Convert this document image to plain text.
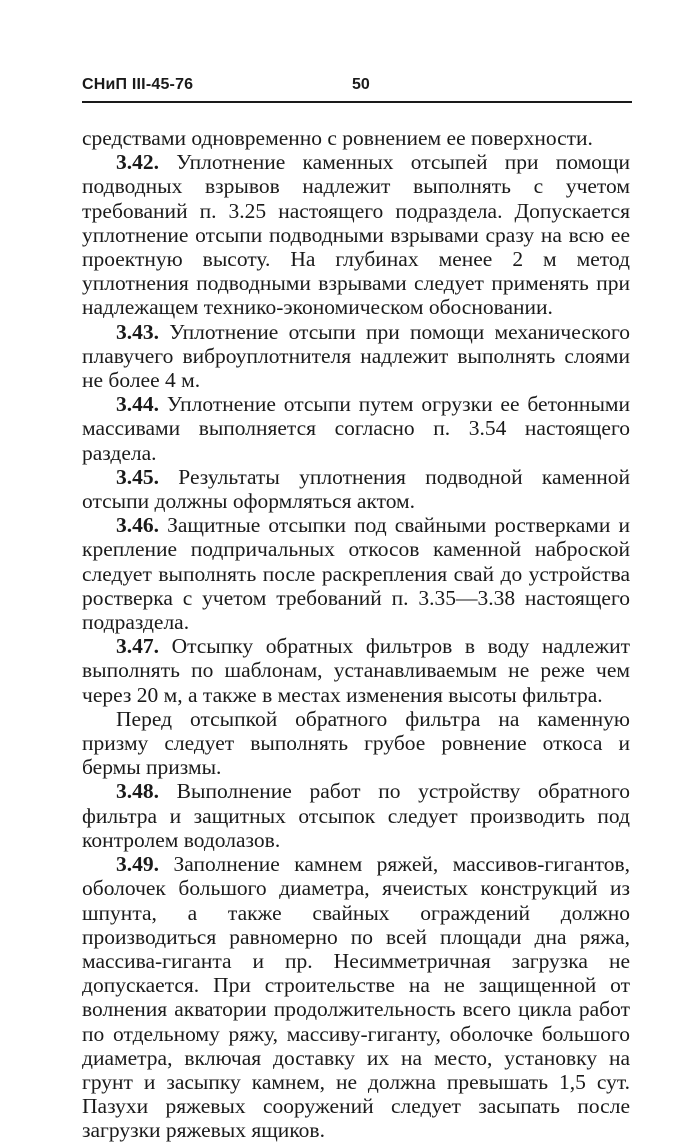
СНиП III-45-76	50

средствами одновременно с ровнением ее поверхности.

3.42. Уплотнение каменных отсыпей при помощи подводных взрывов надлежит выполнять с учетом требований п. 3.25 настоящего подраздела. Допускается уплотнение отсыпи подводными взрывами сразу на всю ее проектную высоту. На глубинах менее 2 м метод уплотнения подводными взрывами следует применять при надлежащем технико-экономическом обосновании.

3.43. Уплотнение отсыпи при помощи механического плавучего виброуплотнителя надлежит выполнять слоями не более 4 м.

3.44. Уплотнение отсыпи путем огрузки ее бетонными массивами выполняется согласно п. 3.54 настоящего раздела.

3.45. Результаты уплотнения подводной каменной отсыпи должны оформляться актом.

3.46. Защитные отсыпки под свайными ростверками и крепление подпричальных откосов каменной наброской следует выполнять после раскрепления свай до устройства ростверка с учетом требований п. 3.35—3.38 настоящего подраздела.

3.47. Отсыпку обратных фильтров в воду надлежит выполнять по шаблонам, устанавливаемым не реже чем через 20 м, а также в местах изменения высоты фильтра.

Перед отсыпкой обратного фильтра на каменную призму следует выполнять грубое ровнение откоса и бермы призмы.

3.48. Выполнение работ по устройству обратного фильтра и защитных отсыпок следует производить под контролем водолазов.

3.49. Заполнение камнем ряжей, массивов-гигантов, оболочек большого диаметра, ячеистых конструкций из шпунта, а также свайных ограждений должно производиться равномерно по всей площади дна ряжа, массива-гиганта и пр. Несимметричная загрузка не допускается. При строительстве на не защищенной от волнения акватории продолжительность всего цикла работ по отдельному ряжу, массиву-гиганту, оболочке большого диаметра, включая доставку их на место, установку на грунт и засыпку камнем, не должна превышать 1,5 сут. Пазухи ряжевых сооружений следует засыпать после загрузки ряжевых ящиков.
